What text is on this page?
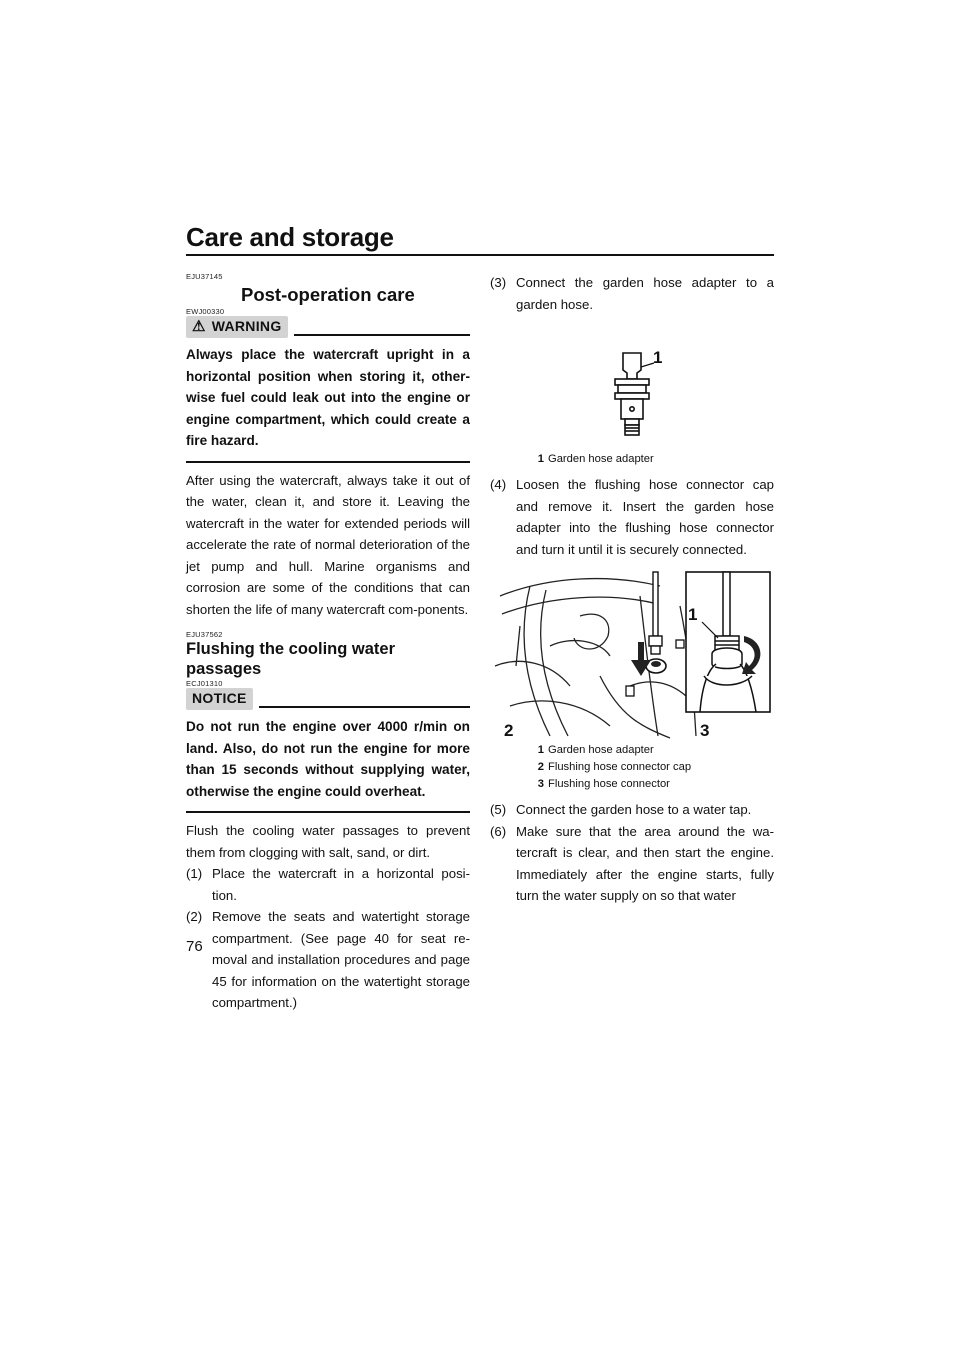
Care and storage
EJU37145
Post-operation care
EWJ00330
⚠ WARNING
Always place the watercraft upright in a horizontal position when storing it, other-wise fuel could leak out into the engine or engine compartment, which could create a fire hazard.

After using the watercraft, always take it out of the water, clean it, and store it. Leaving the watercraft in the water for extended periods will accelerate the rate of normal deterioration of the jet pump and hull. Marine organisms and corrosion are some of the conditions that can shorten the life of many watercraft com-ponents.

EJU37562
Flushing the cooling water passages
ECJ01310
NOTICE
Do not run the engine over 4000 r/min on land. Also, do not run the engine for more than 15 seconds without supplying water, otherwise the engine could overheat.

Flush the cooling water passages to prevent them from clogging with salt, sand, or dirt.

(1) Place the watercraft in a horizontal posi-tion.
(2) Remove the seats and watertight storage compartment. (See page 40 for seat re-moval and installation procedures and page 45 for information on the watertight storage compartment.)
(3) Connect the garden hose adapter to a garden hose.
1
1 Garden hose adapter
(4) Loosen the flushing hose connector cap and remove it. Insert the garden hose adapter into the flushing hose connector and turn it until it is securely connected.
1
2	3
1 Garden hose adapter
2 Flushing hose connector cap
3 Flushing hose connector
(5) Connect the garden hose to a water tap.
(6) Make sure that the area around the wa-tercraft is clear, and then start the engine. Immediately after the engine starts, fully turn the water supply on so that water
76
